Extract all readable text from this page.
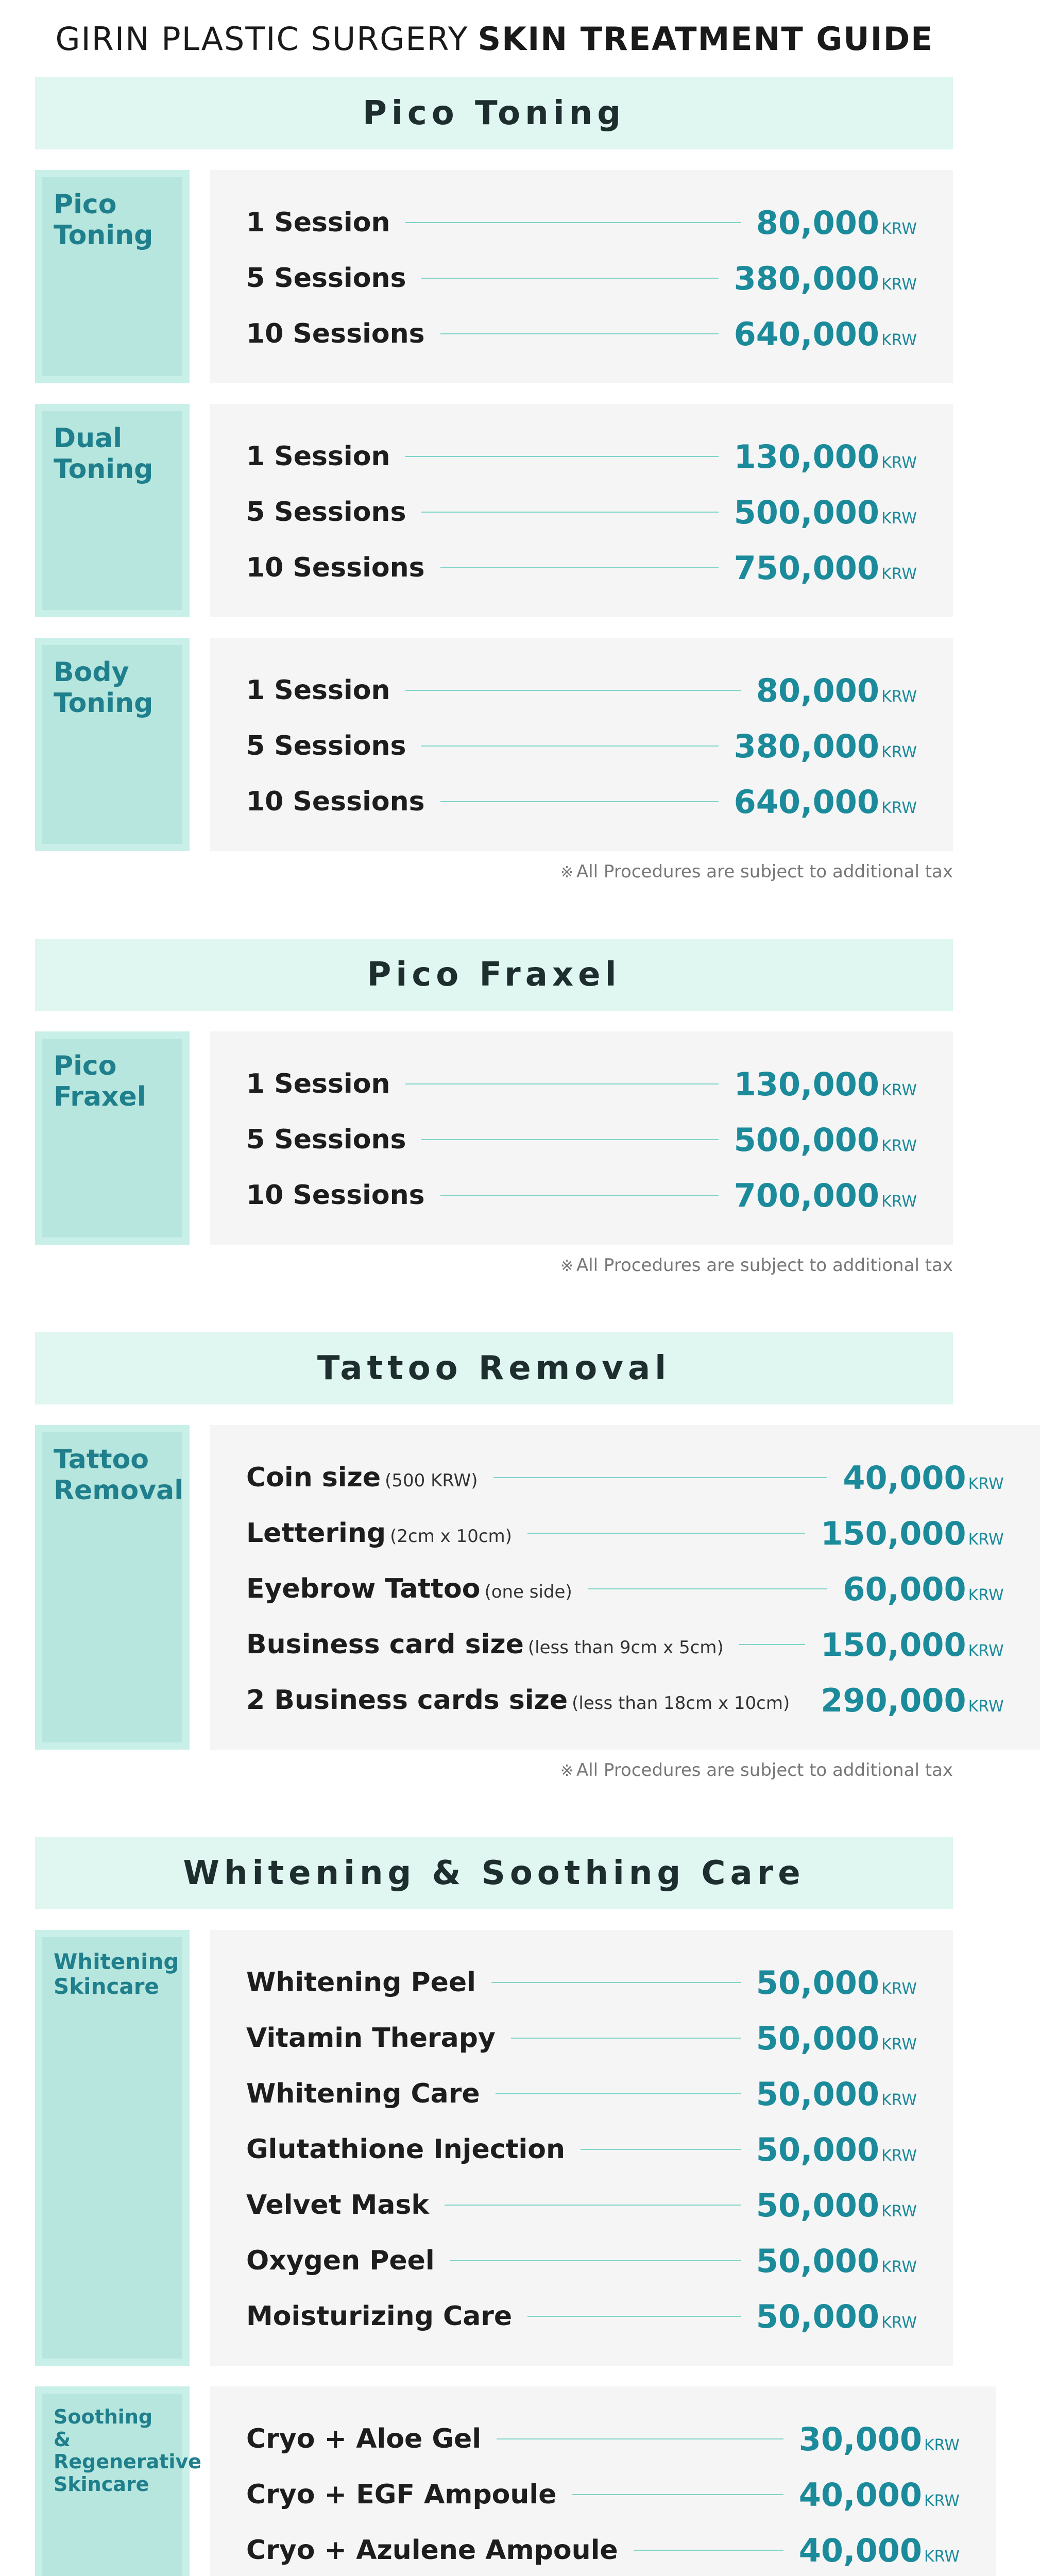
GIRIN PLASTIC SURGERY SKIN TREATMENT GUIDE
Pico Toning
Pico Toning	1 Session	80,000 KRW
5 Sessions	380,000 KRW
10 Sessions	640,000 KRW
Dual Toning	1 Session	130,000 KRW
5 Sessions	500,000 KRW
10 Sessions	750,000 KRW
Body Toning	1 Session	80,000 KRW
5 Sessions	380,000 KRW
10 Sessions	640,000 KRW
※ All Procedures are subject to additional tax
Pico Fraxel
Pico Fraxel	1 Session	130,000 KRW
5 Sessions	500,000 KRW
10 Sessions	700,000 KRW
※ All Procedures are subject to additional tax
Tattoo Removal
Tattoo Removal Coin size (500 KRW)	40,000 KRW
Lettering (2cm x 10cm)	150,000 KRW
Eyebrow Tattoo (one side)	60,000 KRW
Business card size (less than 9cm x 5cm)	150,000 KRW
2 Business cards size (less than 18cm x 10cm) 290,000 KRW
※ All Procedures are subject to additional tax
Whitening & Soothing Care
Whitening Skincare	Whitening Peel	50,000 KRW
Vitamin Therapy	50,000 KRW
Whitening Care	50,000 KRW
Glutathione Injection	50,000 KRW
Velvet Mask	50,000 KRW
Oxygen Peel	50,000 KRW
Moisturizing Care	50,000 KRW
Soothing & Regenerative Skincare
Cryo + Aloe Gel	30,000 KRW
Cryo + EGF Ampoule	40,000 KRW
Cryo + Azulene Ampoule	40,000 KRW
